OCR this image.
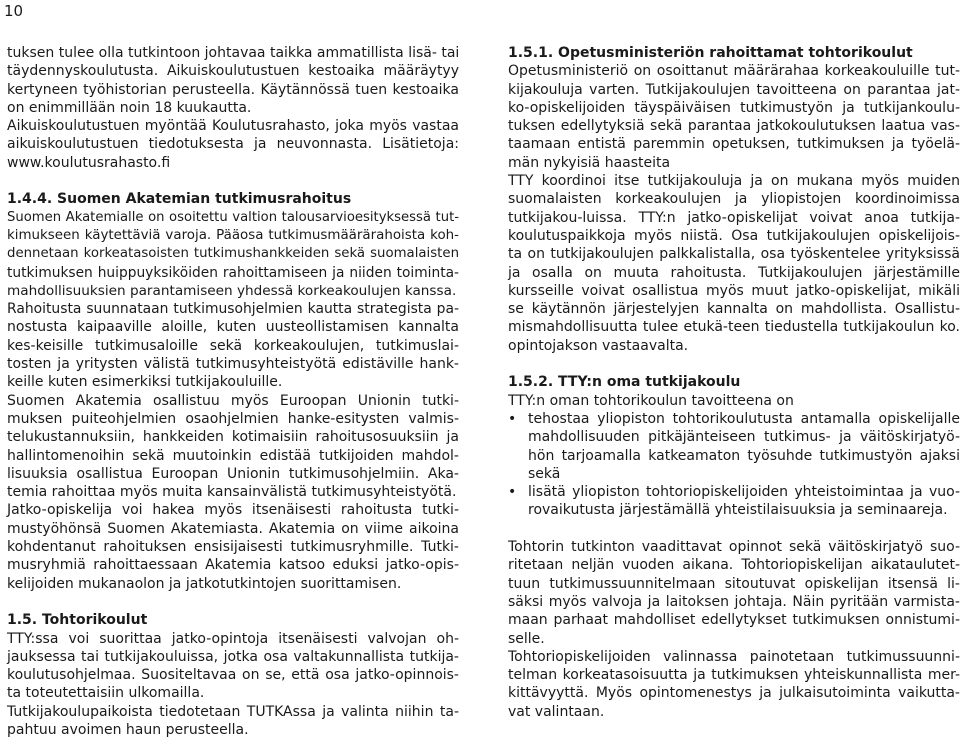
10
tuksen tulee olla tutkintoon johtavaa taikka ammatillista lisä- tai
täydennyskoulutusta. Aikuiskoulutustuen kestoaika määräytyy
kertyneen työhistorian perusteella. Käytännössä tuen kestoaika
on enimmillään noin 18 kuukautta.
Aikuiskoulutustuen myöntää Koulutusrahasto, joka myös vastaa
aikuiskoulutustuen tiedotuksesta ja neuvonnasta. Lisätietoja:
www.koulutusrahasto.fi
1.4.4. Suomen Akatemian tutkimusrahoitus
Suomen Akatemialle on osoitettu valtion talousarvioesityksessä tut-
kimukseen käytettäviä varoja. Pääosa tutkimusmäärärahoista koh-
dennetaan korkeatasoisten tutkimushankkeiden sekä suomalaisten
tutkimuksen huippuyksiköiden rahoittamiseen ja niiden toiminta-
mahdollisuuksien parantamiseen yhdessä korkeakoulujen kanssa.
Rahoitusta suunnataan tutkimusohjelmien kautta strategista pa-
nostusta kaipaaville aloille, kuten uusteollistamisen kannalta
kes-keisille tutkimusaloille sekä korkeakoulujen, tutkimuslai-
tosten ja yritysten välistä tutkimusyhteistyötä edistäville hank-
keille kuten esimerkiksi tutkijakouluille.
Suomen Akatemia osallistuu myös Euroopan Unionin tutki-
muksen puiteohjelmien osaohjelmien hanke-esitysten valmis-
telukustannuksiin, hankkeiden kotimaisiin rahoitusosuuksiin ja
hallintomenoihin sekä muutoinkin edistää tutkijoiden mahdol-
lisuuksia osallistua Euroopan Unionin tutkimusohjelmiin. Aka-
temia rahoittaa myös muita kansainvälistä tutkimusyhteistyötä.
Jatko-opiskelija voi hakea myös itsenäisesti rahoitusta tutki-
mustyöhönsä Suomen Akatemiasta. Akatemia on viime aikoina
kohdentanut rahoituksen ensisijaisesti tutkimusryhmille. Tutki-
musryhmiä rahoittaessaan Akatemia katsoo eduksi jatko-opis-
kelijoiden mukanaolon ja jatkotutkintojen suorittamisen.
1.5. Tohtorikoulut
TTY:ssa voi suorittaa jatko-opintoja itsenäisesti valvojan oh-
jauksessa tai tutkijakouluissa, jotka osa valtakunnallista tutkija-
koulutusohjelmaa. Suositeltavaa on se, että osa jatko-opinnois-
ta toteutettaisiin ulkomailla.
Tutkijakoulupaikoista tiedotetaan TUTKAssa ja valinta niihin ta-
pahtuu avoimen haun perusteella.
1.5.1. Opetusministeriön rahoittamat tohtorikoulut
Opetusministeriö on osoittanut määrärahaa korkeakouluille tut-
kijakouluja varten. Tutkijakoulujen tavoitteena on parantaa jat-
ko-opiskelijoiden täyspäiväisen tutkimustyön ja tutkijankoulu-
tuksen edellytyksiä sekä parantaa jatkokoulutuksen laatua vas-
taamaan entistä paremmin opetuksen, tutkimuksen ja työelä-
män nykyisiä haasteita
TTY koordinoi itse tutkijakouluja ja on mukana myös muiden
suomalaisten korkeakoulujen ja yliopistojen koordinoimissa
tutkijakou-luissa. TTY:n jatko-opiskelijat voivat anoa tutkija-
koulutuspaikkoja myös niistä. Osa tutkijakoulujen opiskelijois-
ta on tutkijakoulujen palkkalistalla, osa työskentelee yrityksissä
ja osalla on muuta rahoitusta. Tutkijakoulujen järjestämille
kursseille voivat osallistua myös muut jatko-opiskelijat, mikäli
se käytännön järjestelyjen kannalta on mahdollista. Osallistu-
mismahdollisuutta tulee etukä-teen tiedustella tutkijakoulun ko.
opintojakson vastaavalta.
1.5.2. TTY:n oma tutkijakoulu
TTY:n oman tohtorikoulun tavoitteena on
• tehostaa yliopiston tohtorikoulutusta antamalla opiskelijalle
mahdollisuuden pitkäjänteiseen tutkimus- ja väitöskirjatyö-
hön tarjoamalla katkeamaton työsuhde tutkimustyön ajaksi
sekä
• lisätä yliopiston tohtoriopiskelijoiden yhteistoimintaa ja vuo-
rovaikutusta järjestämällä yhteistilaisuuksia ja seminaareja.
Tohtorin tutkinton vaadittavat opinnot sekä väitöskirjatyö suo-
ritetaan neljän vuoden aikana. Tohtoriopiskelijan aikataulutet-
tuun tutkimussuunnitelmaan sitoutuvat opiskelijan itsensä li-
säksi myös valvoja ja laitoksen johtaja. Näin pyritään varmista-
maan parhaat mahdolliset edellytykset tutkimuksen onnistumi-
selle.
Tohtoriopiskelijoiden valinnassa painotetaan tutkimussuunni-
telman korkeatasoisuutta ja tutkimuksen yhteiskunnallista mer-
kittävyyttä. Myös opintomenestys ja julkaisutoiminta vaikutta-
vat valintaan.
